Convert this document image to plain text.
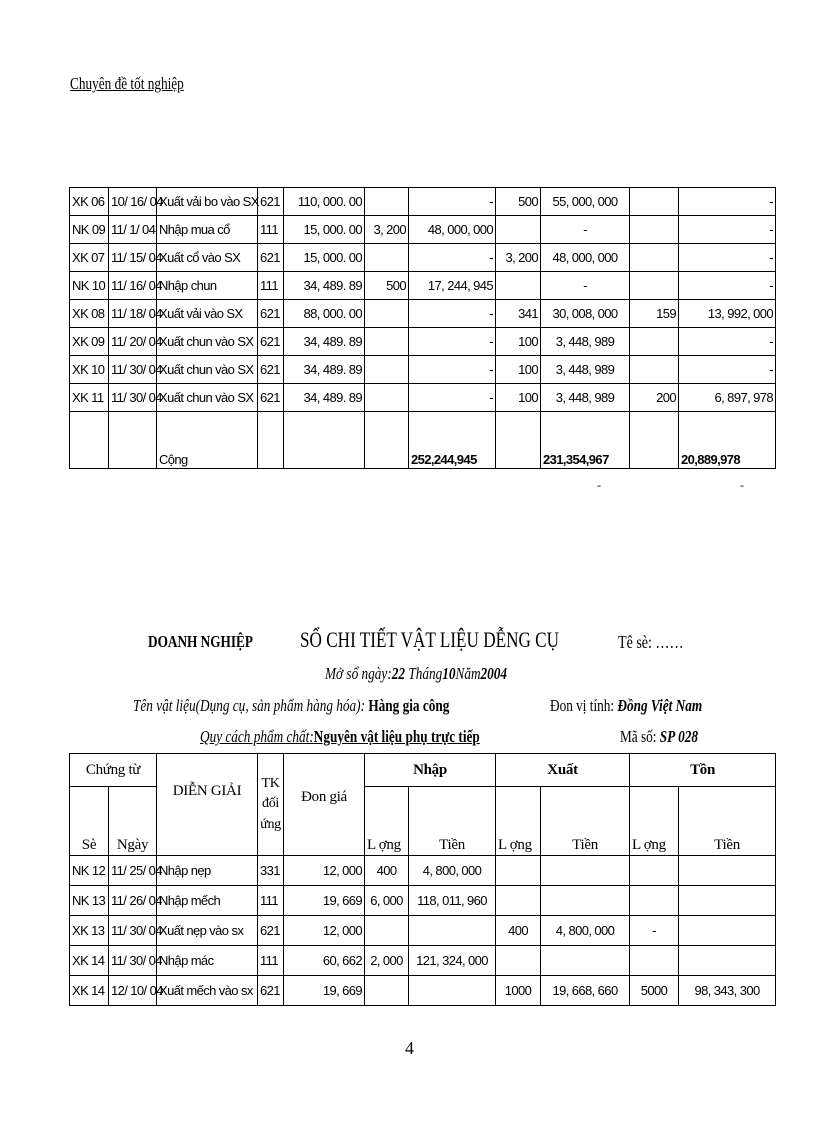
Chuyên đề tốt nghiệp
XK 06	10/ 16/ 04	Xuất vải bo vào SX	621	110, 000. 00		-	500	55, 000, 000		-
NK 09	11/ 1/ 04	Nhập mua cổ	111	15, 000. 00	3, 200	48, 000, 000		-		-
XK 07	11/ 15/ 04	Xuất cổ vào SX	621	15, 000. 00		-	3, 200	48, 000, 000		-
NK 10	11/ 16/ 04	Nhập chun	111	34, 489. 89	500	17, 244, 945		-		-
XK 08	11/ 18/ 04	Xuất vải vào SX	621	88, 000. 00		-	341	30, 008, 000	159	13, 992, 000
XK 09	11/ 20/ 04	Xuất chun vào SX	621	34, 489. 89		-	100	3, 448, 989		-
XK 10	11/ 30/ 04	Xuất chun vào SX	621	34, 489. 89		-	100	3, 448, 989		-
XK 11	11/ 30/ 04	Xuất chun vào SX	621	34, 489. 89		-	100	3, 448, 989	200	6, 897, 978
		Cộng				252,244,945		231,354,967		20,889,978
-	-
DOANH NGHIỆP SỔ CHI TIẾT VẬT LIỆU DỄNG CỤ	Tê sè: ……
Mở sổ ngày:22 Tháng10Năm2004
Tên vật liệu(Dụng cụ, sản phẩm hàng hóa): Hàng gia công	Đon vị tính: Đồng Việt Nam
Quy cách phẩm chất:Nguyên vật liệu phụ trực tiếp	Mã số: SP 028
Chứng từ		DIỄN GIẢI	TK
đối
ứng	Đon giá	Nhập		Xuất		Tồn	
Sè	Ngày				L ợng	Tiền	L ợng	Tiền	L ợng	Tiền
NK 12	11/ 25/ 04	Nhập nẹp	331	12, 000	400	4, 800, 000				
NK 13	11/ 26/ 04	Nhập mếch	111	19, 669	6, 000	118, 011, 960				
XK 13	11/ 30/ 04	Xuất nẹp vào sx	621	12, 000			400	4, 800, 000	-	
XK 14	11/ 30/ 04	Nhập mác	111	60, 662	2, 000	121, 324, 000				
XK 14	12/ 10/ 04	Xuất mếch vào sx	621	19, 669			1000	19, 668, 660	5000	98, 343, 300
4
